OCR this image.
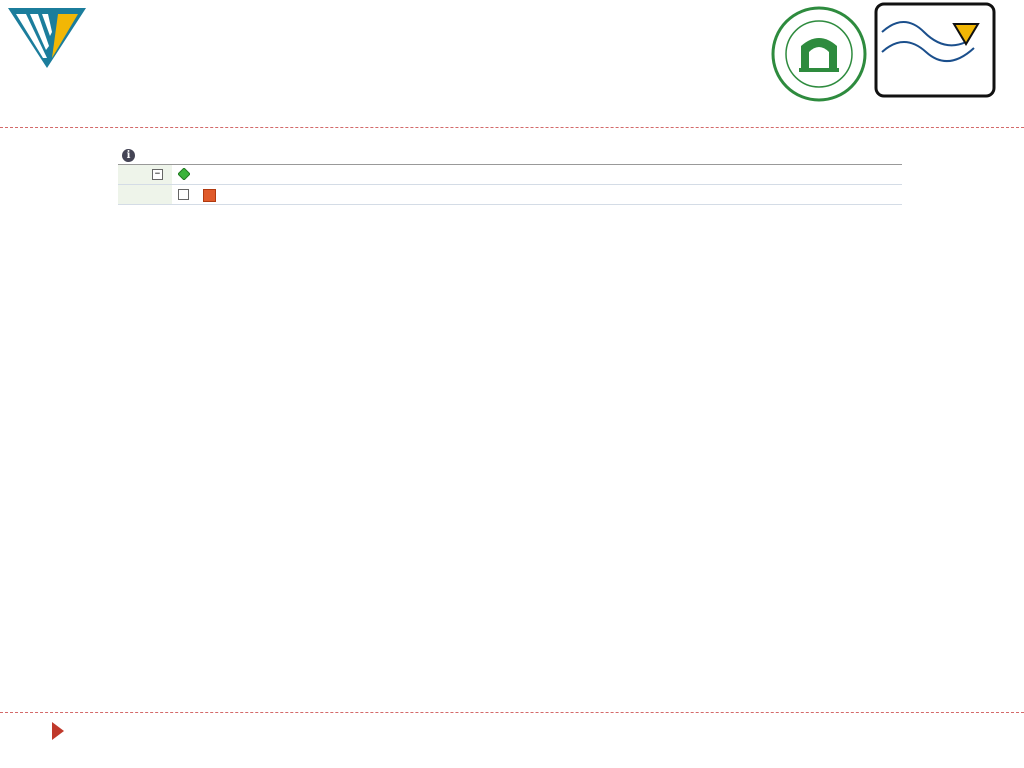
i
−
